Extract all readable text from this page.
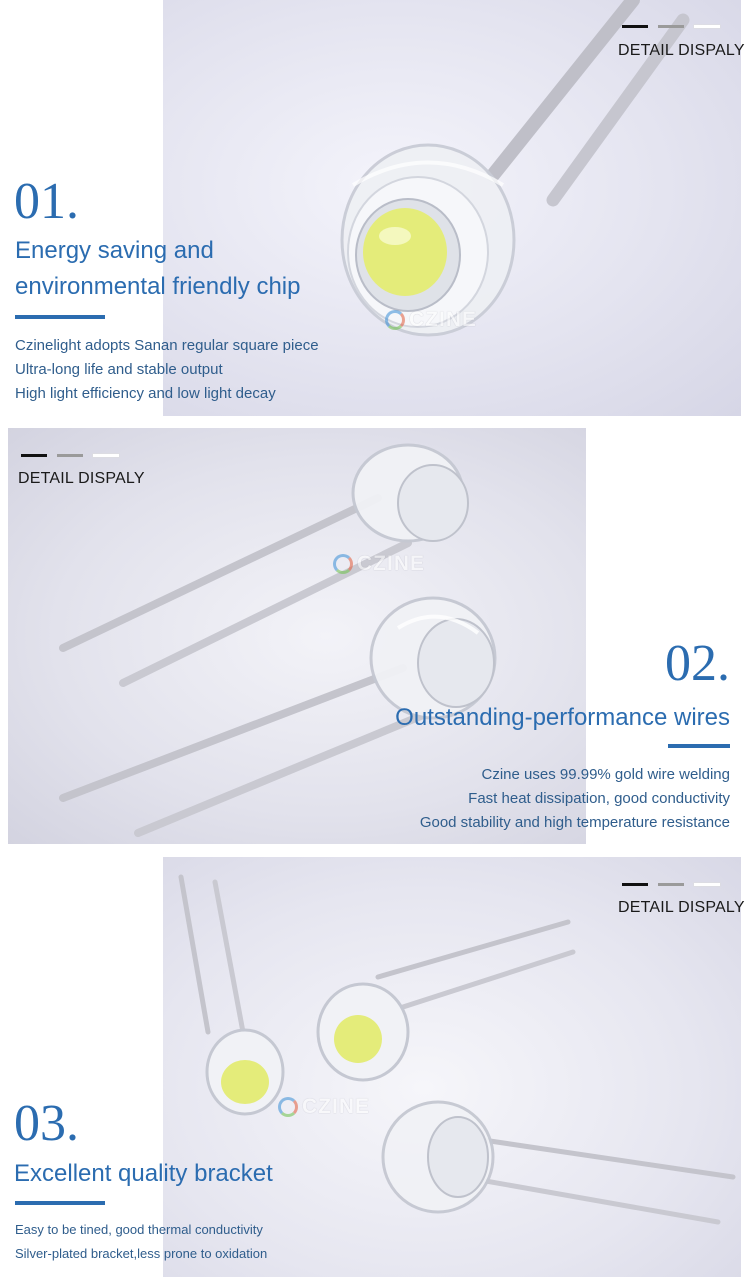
DETAIL DISPALY
CZINE
01.
Energy saving and
environmental friendly chip
Czinelight adopts Sanan regular square piece
Ultra-long life and stable output
High light efficiency and low light decay
DETAIL DISPALY
CZINE
02.
Outstanding-performance wires
Czine uses 99.99% gold wire welding
Fast heat dissipation, good conductivity
Good stability and high temperature resistance
DETAIL DISPALY
CZINE
03.
Excellent quality bracket
Easy to be tined, good thermal conductivity
Silver-plated bracket,less prone to oxidation
